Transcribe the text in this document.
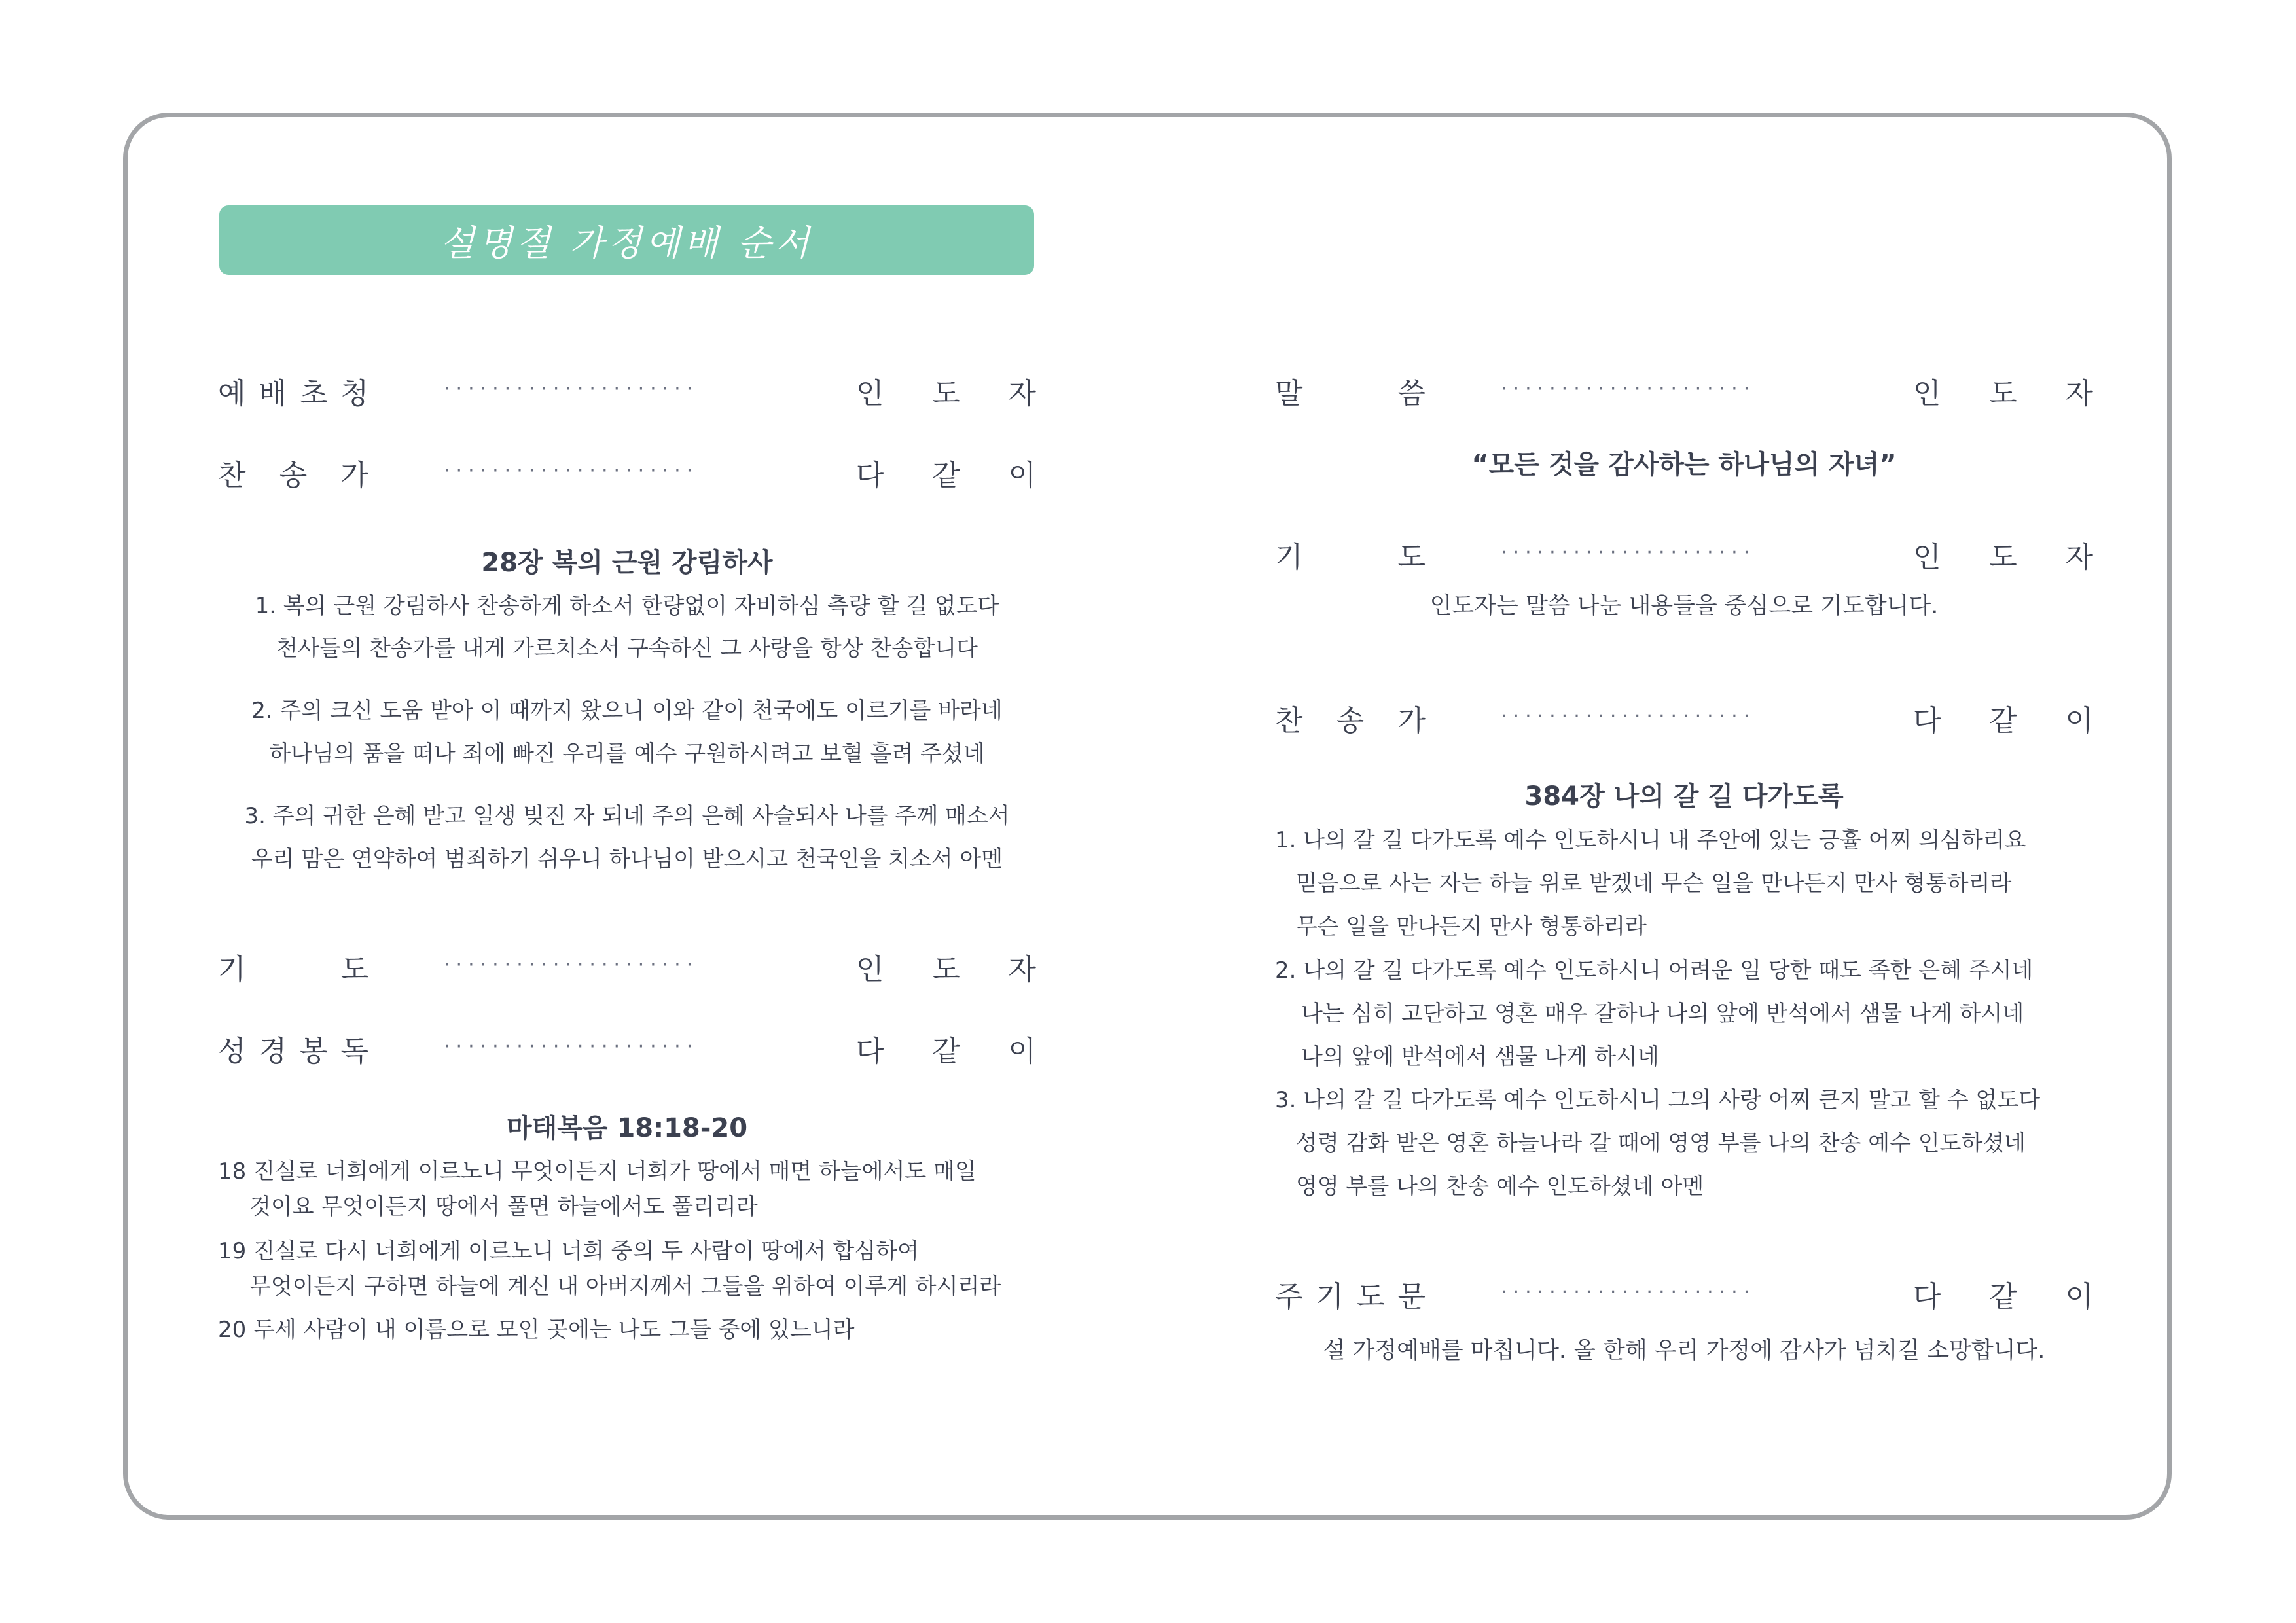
설명절 가정예배 순서
예 배 초 청	·····················	인 도 자
찬 송 가	·····················	다 같 이
28장 복의 근원 강림하사
1. 복의 근원 강림하사 찬송하게 하소서 한량없이 자비하심 측량 할 길 없도다
천사들의 찬송가를 내게 가르치소서 구속하신 그 사랑을 항상 찬송합니다
2. 주의 크신 도움 받아 이 때까지 왔으니 이와 같이 천국에도 이르기를 바라네
하나님의 품을 떠나 죄에 빠진 우리를 예수 구원하시려고 보혈 흘려 주셨네
3. 주의 귀한 은혜 받고 일생 빚진 자 되네 주의 은혜 사슬되사 나를 주께 매소서
우리 맘은 연약하여 범죄하기 쉬우니 하나님이 받으시고 천국인을 치소서 아멘
기	도	·····················	인 도 자
성 경 봉 독	·····················	다 같 이
마태복음 18:18-20
18 진실로 너희에게 이르노니 무엇이든지 너희가 땅에서 매면 하늘에서도 매일
것이요 무엇이든지 땅에서 풀면 하늘에서도 풀리리라
19 진실로 다시 너희에게 이르노니 너희 중의 두 사람이 땅에서 합심하여
무엇이든지 구하면 하늘에 계신 내 아버지께서 그들을 위하여 이루게 하시리라
20 두세 사람이 내 이름으로 모인 곳에는 나도 그들 중에 있느니라
말	씀	·····················	인 도 자
“모든 것을 감사하는 하나님의 자녀”
기	도	·····················	인 도 자
인도자는 말씀 나눈 내용들을 중심으로 기도합니다.
찬 송 가	·····················	다 같 이
384장 나의 갈 길 다가도록
1. 나의 갈 길 다가도록 예수 인도하시니 내 주안에 있는 긍휼 어찌 의심하리요
믿음으로 사는 자는 하늘 위로 받겠네 무슨 일을 만나든지 만사 형통하리라
무슨 일을 만나든지 만사 형통하리라
2. 나의 갈 길 다가도록 예수 인도하시니 어려운 일 당한 때도 족한 은혜 주시네
나는 심히 고단하고 영혼 매우 갈하나 나의 앞에 반석에서 샘물 나게 하시네
나의 앞에 반석에서 샘물 나게 하시네
3. 나의 갈 길 다가도록 예수 인도하시니 그의 사랑 어찌 큰지 말고 할 수 없도다
성령 감화 받은 영혼 하늘나라 갈 때에 영영 부를 나의 찬송 예수 인도하셨네
영영 부를 나의 찬송 예수 인도하셨네 아멘
주 기 도 문	·····················	다 같 이
설 가정예배를 마칩니다. 올 한해 우리 가정에 감사가 넘치길 소망합니다.
